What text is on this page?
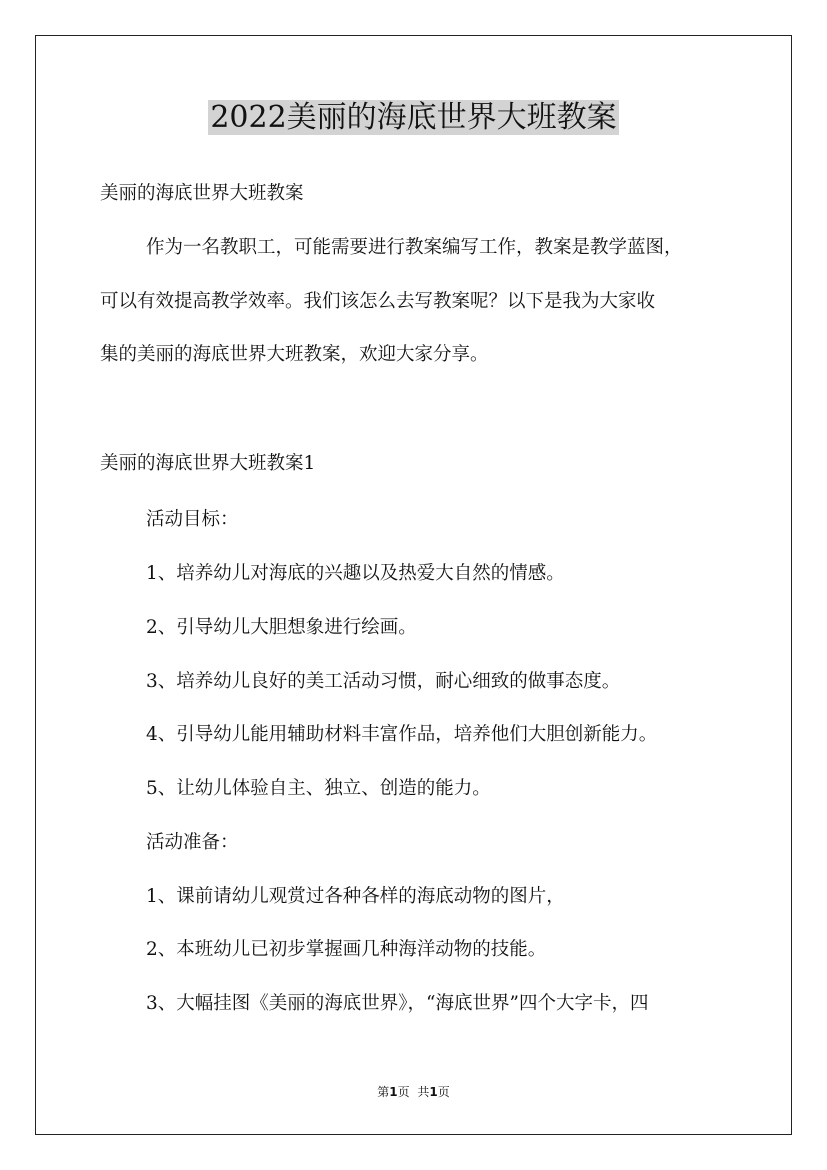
2022美丽的海底世界大班教案

美丽的海底世界大班教案

作为一名教职工，可能需要进行教案编写工作，教案是教学蓝图，

可以有效提高教学效率。我们该怎么去写教案呢？以下是我为大家收

集的美丽的海底世界大班教案，欢迎大家分享。

美丽的海底世界大班教案1

活动目标：

1、培养幼儿对海底的兴趣以及热爱大自然的情感。

2、引导幼儿大胆想象进行绘画。

3、培养幼儿良好的美工活动习惯，耐心细致的做事态度。

4、引导幼儿能用辅助材料丰富作品，培养他们大胆创新能力。

5、让幼儿体验自主、独立、创造的能力。

活动准备：

1、课前请幼儿观赏过各种各样的海底动物的图片，

2、本班幼儿已初步掌握画几种海洋动物的技能。

3、大幅挂图《美丽的海底世界》，“海底世界”四个大字卡，四

第1页 共1页
